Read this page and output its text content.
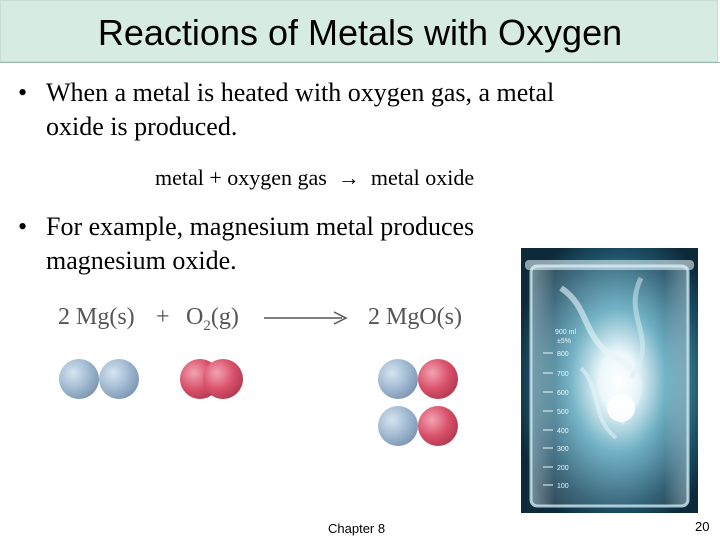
Reactions of Metals with Oxygen
• When a metal is heated with oxygen gas, a metal
oxide is produced.
metal + oxygen gas  →  metal oxide
• For example, magnesium metal produces
magnesium oxide.
2 $Mg(s) + O_2(g)$	2 MgO(s)
900 ml
±5%
800
700
600
500
400
300
200
100
Chapter 8	20
